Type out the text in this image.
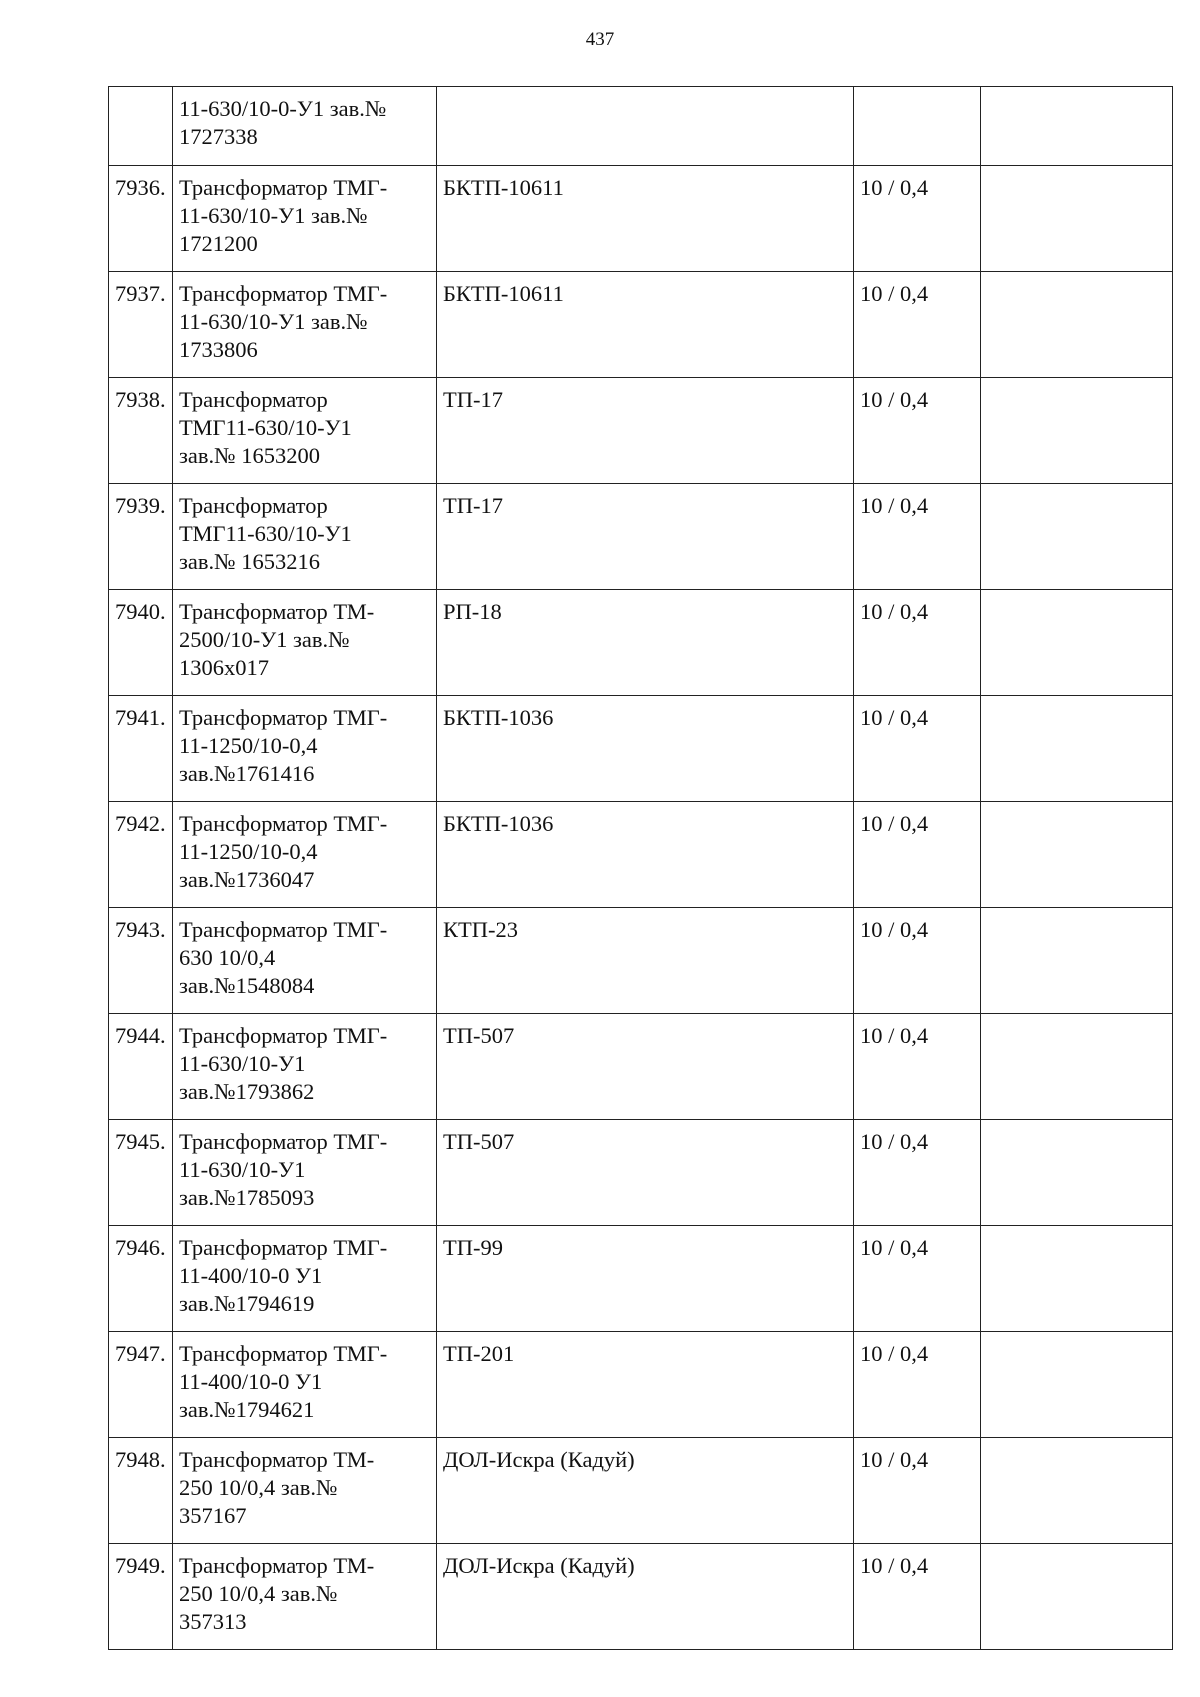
437

	11-630/10-0-У1 зав.№
1727338			

7936.	Трансформатор ТМГ-
11-630/10-У1 зав.№
1721200	БКТП-10611	10 / 0,4	
7937.	Трансформатор ТМГ-
11-630/10-У1 зав.№
1733806	БКТП-10611	10 / 0,4	
7938.	Трансформатор
ТМГ11-630/10-У1
зав.№ 1653200	ТП-17	10 / 0,4	
7939.	Трансформатор
ТМГ11-630/10-У1
зав.№ 1653216	ТП-17	10 / 0,4	
7940.	Трансформатор ТМ-
2500/10-У1 зав.№
1306х017	РП-18	10 / 0,4	
7941.	Трансформатор ТМГ-
11-1250/10-0,4
зав.№1761416	БКТП-1036	10 / 0,4	
7942.	Трансформатор ТМГ-
11-1250/10-0,4
зав.№1736047	БКТП-1036	10 / 0,4	
7943.	Трансформатор ТМГ-
630 10/0,4
зав.№1548084	КТП-23	10 / 0,4	
7944.	Трансформатор ТМГ-
11-630/10-У1
зав.№1793862	ТП-507	10 / 0,4	
7945.	Трансформатор ТМГ-
11-630/10-У1
зав.№1785093	ТП-507	10 / 0,4	
7946.	Трансформатор ТМГ-
11-400/10-0 У1
зав.№1794619	ТП-99	10 / 0,4	
7947.	Трансформатор ТМГ-
11-400/10-0 У1
зав.№1794621	ТП-201	10 / 0,4	
7948.	Трансформатор ТМ-
250 10/0,4 зав.№
357167	ДОЛ-Искра (Кадуй)	10 / 0,4	
7949.	Трансформатор ТМ-
250 10/0,4 зав.№
357313	ДОЛ-Искра (Кадуй)	10 / 0,4	
